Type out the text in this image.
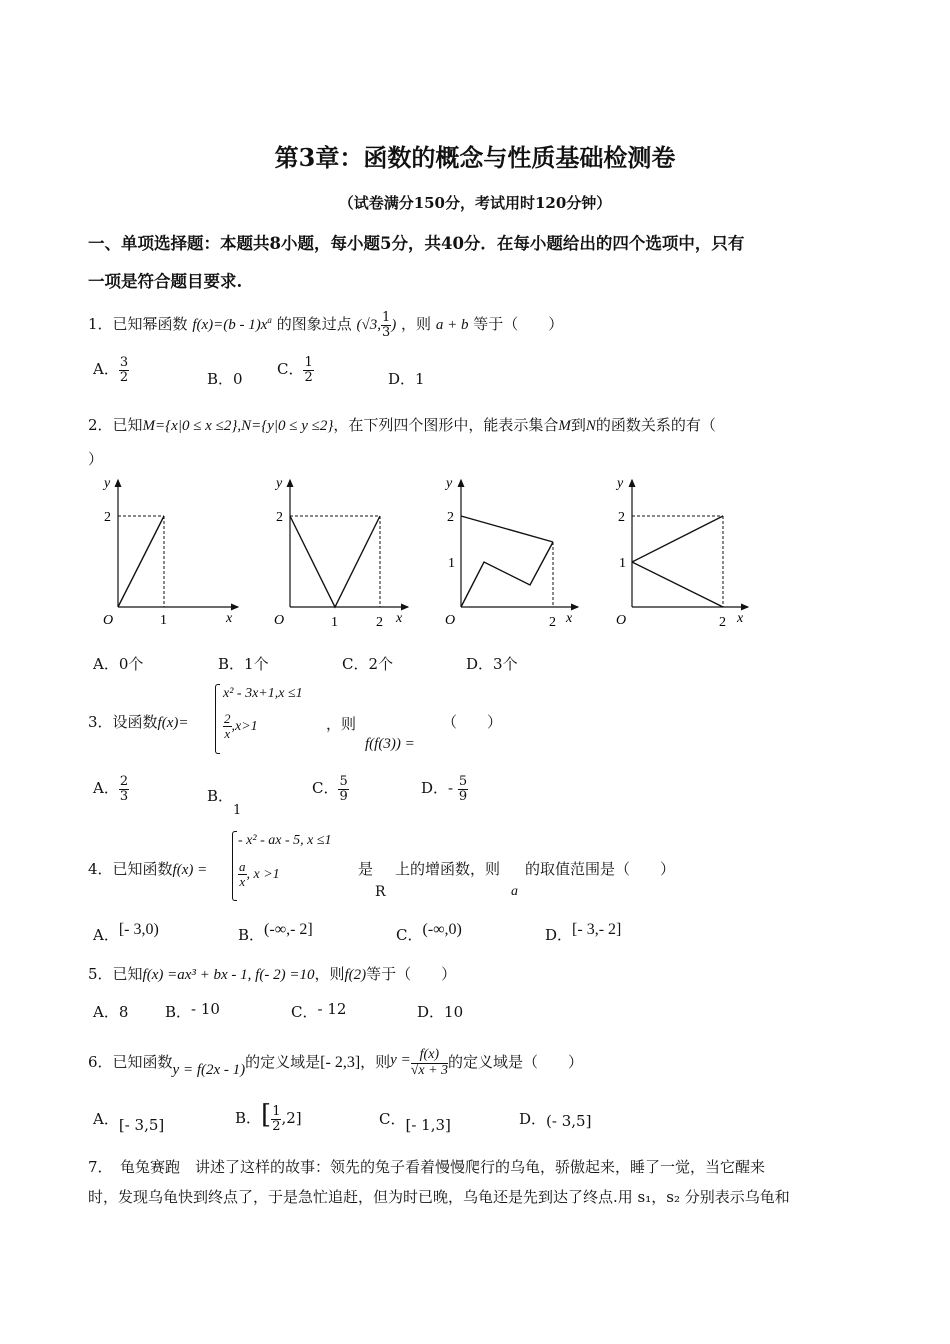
第3章：函数的概念与性质基础检测卷
（试卷满分150分，考试用时120分钟）
一、单项选择题：本题共8小题，每小题5分，共40分．在每小题给出的四个选项中，只有
一项是符合题目要求.
1．已知幂函数 $f(x)=(b - 1)x^a$ 的图象过点 (√3, $\frac{1}{3}$ ) ，则 a + b 等于（　　）
A． $\frac{3}{2}$	B．0
C． $\frac{1}{2}$	D．1
2．已知M={x|0 ≤ x ≤2},N={y|0 ≤ y ≤2}，在下列四个图形中，能表示集合M到N的函数关系的有（
）
y
2
O	1	x
y
2
O	1	2 x
y
2
1
O	2 x
y
2
1
O	2 x
A．0个	B．1个	C．2个	D．3个
3．设函数f(x)=
x² - 3x+1,x ≤1
$\frac{2}{x} ,x>1$	，则
f(f(3)) =
（　　）
A． $\frac{2}{3}$	B．1
C． $\frac{5}{9}$	D．- $\frac{5}{9}$
4．已知函数f(x) =
- x² - ax - 5, x ≤1
$\frac{a}{x}$ , x >1	是
R
上的增函数，则
a
的取值范围是（　　）
A．[- 3,0)	B．(-∞,- 2]	C．(-∞,0)	D．[- 3,- 2]
5．已知f(x) =ax³ + bx - 1, f(- 2) =10，则f(2)等于（　　）
A．8 B．- 10	C．- 12	D．10
6．已知函数y = f(2x - 1)的定义域是[- 2,3]，则$y = \frac{f(x)}{√x + 3}$ 的定义域是（　　）
A．[- 3,5]	B．[ $\frac{1}{2} ,2$]	C．[- 1,3]	D．(- 3,5]
7．　龟兔赛跑　讲述了这样的故事：领先的兔子看着慢慢爬行的乌龟，骄傲起来，睡了一觉，当它醒来
时，发现乌龟快到终点了，于是急忙追赶，但为时已晚，乌龟还是先到达了终点.用 s₁，s₂ 分别表示乌龟和
